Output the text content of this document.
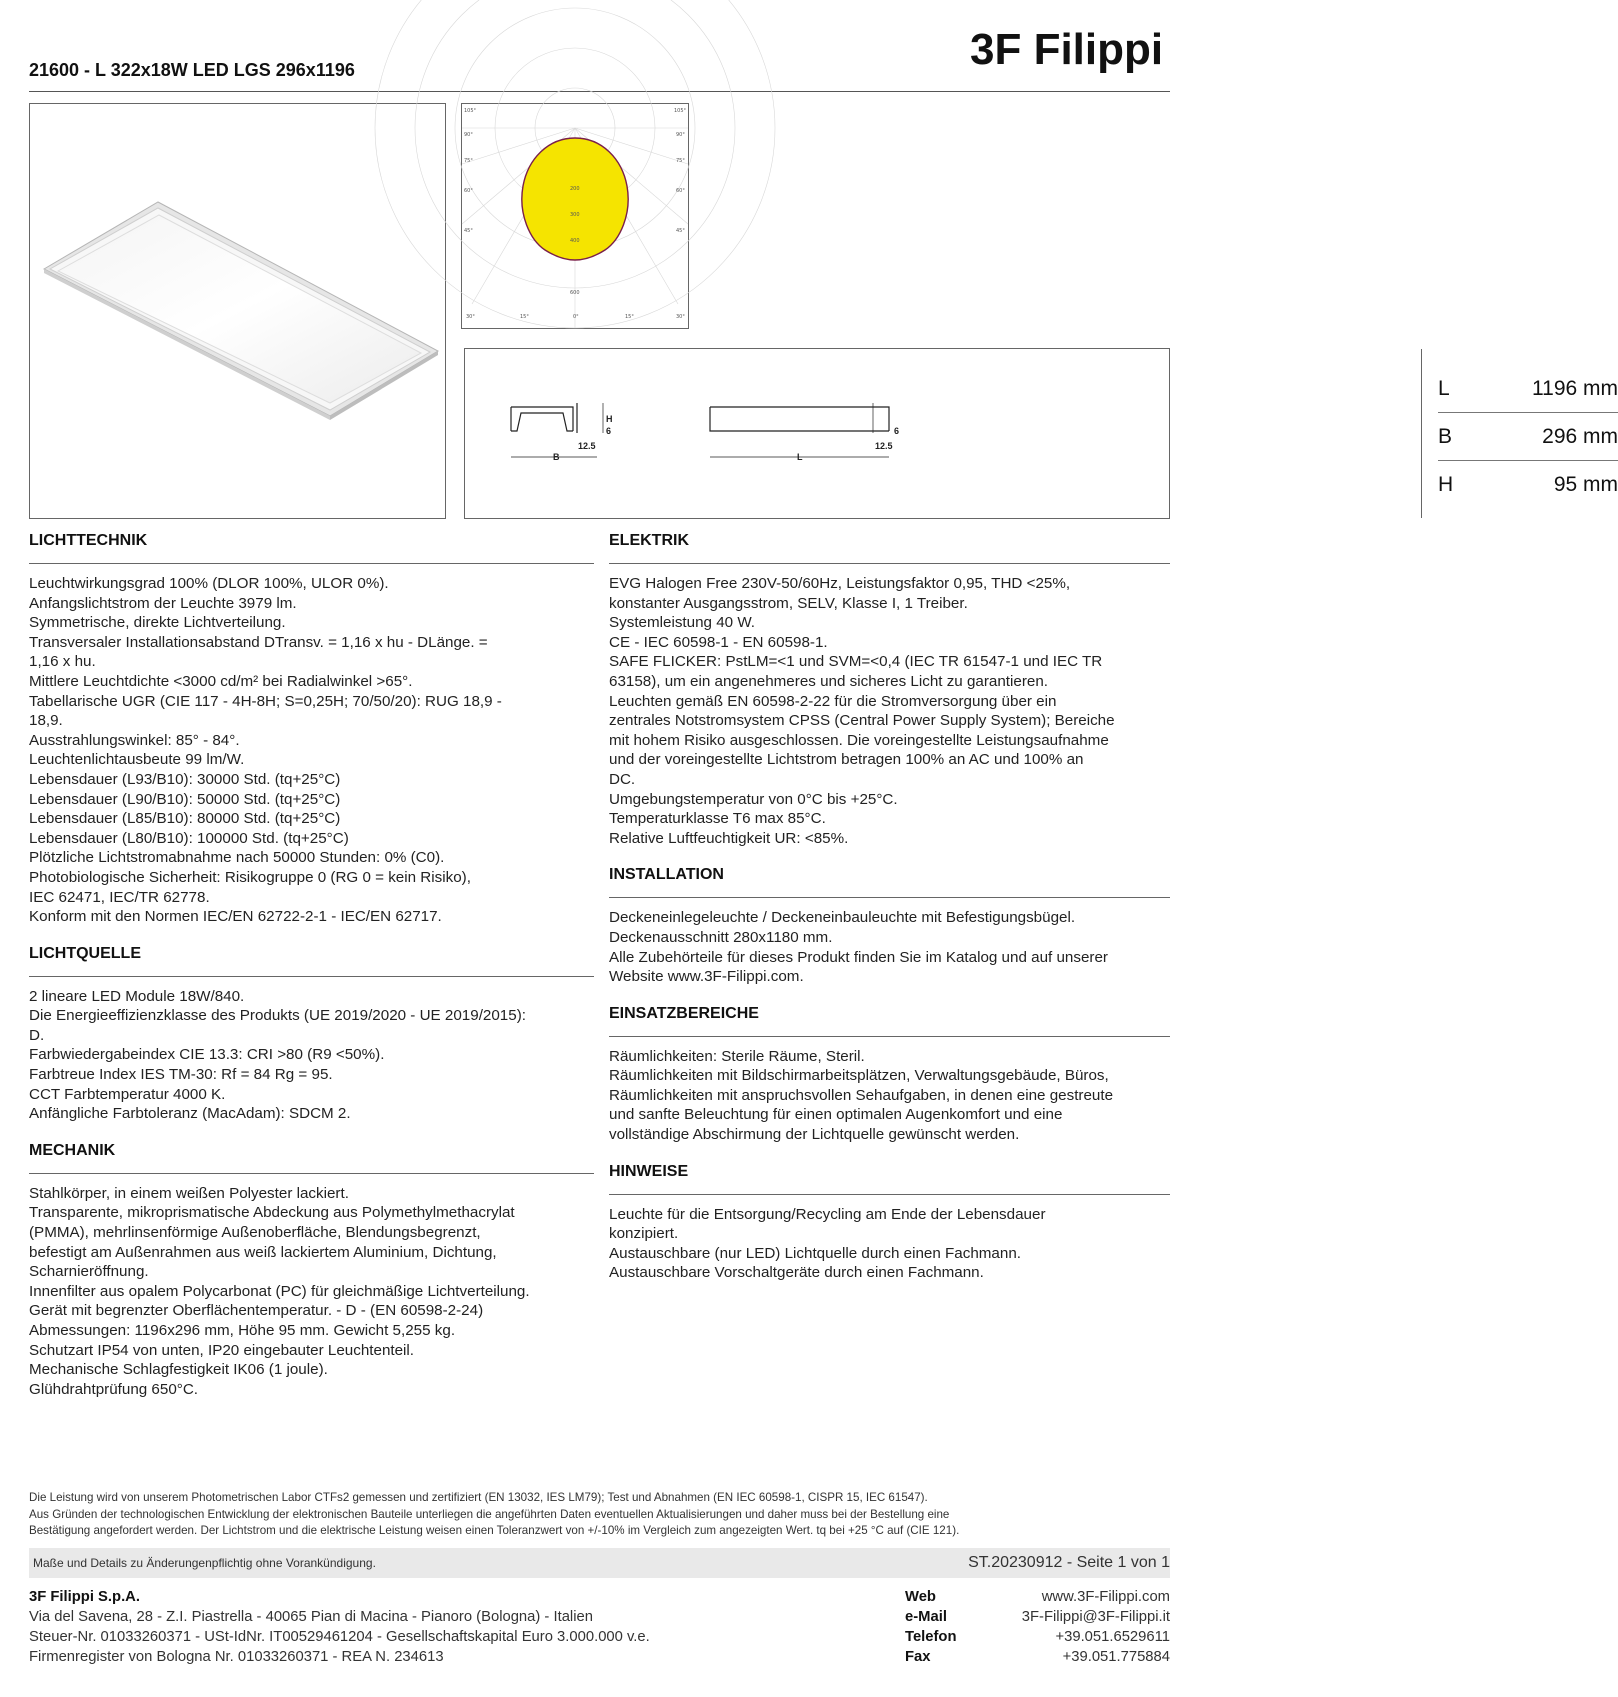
21600 - L 322x18W LED LGS 296x1196	3F Filippi
105°
90°
75°
60°
45°
105°
90°
75°
60°
45°
30°	15°	0°	15°	30°
200
300
400
600
H
6
12.5
B
6
12.5
L
L	1196 mm
B	296 mm
H	95 mm
LICHTTECHNIK

Leuchtwirkungsgrad 100% (DLOR 100%, ULOR 0%).

Anfangslichtstrom der Leuchte 3979 lm.

Symmetrische, direkte Lichtverteilung.

Transversaler Installationsabstand DTransv. = 1,16 x hu - DLänge. =

1,16 x hu.

Mittlere Leuchtdichte <3000 cd/m² bei Radialwinkel >65°.

Tabellarische UGR (CIE 117 - 4H-8H; S=0,25H; 70/50/20): RUG 18,9 -

18,9.

Ausstrahlungswinkel: 85° - 84°.

Leuchtenlichtausbeute 99 lm/W.

Lebensdauer (L93/B10): 30000 Std. (tq+25°C)

Lebensdauer (L90/B10): 50000 Std. (tq+25°C)

Lebensdauer (L85/B10): 80000 Std. (tq+25°C)

Lebensdauer (L80/B10): 100000 Std. (tq+25°C)

Plötzliche Lichtstromabnahme nach 50000 Stunden: 0% (C0).

Photobiologische Sicherheit: Risikogruppe 0 (RG 0 = kein Risiko),

IEC 62471, IEC/TR 62778.

Konform mit den Normen IEC/EN 62722-2-1 - IEC/EN 62717.

LICHTQUELLE

2 lineare LED Module 18W/840.

Die Energieeffizienzklasse des Produkts (UE 2019/2020 - UE 2019/2015):

D.

Farbwiedergabeindex CIE 13.3: CRI >80 (R9 <50%).

Farbtreue Index IES TM-30: Rf = 84 Rg = 95.

CCT Farbtemperatur 4000 K.

Anfängliche Farbtoleranz (MacAdam): SDCM 2.

MECHANIK

Stahlkörper, in einem weißen Polyester lackiert.

Transparente, mikroprismatische Abdeckung aus Polymethylmethacrylat

(PMMA), mehrlinsenförmige Außenoberfläche, Blendungsbegrenzt,

befestigt am Außenrahmen aus weiß lackiertem Aluminium, Dichtung,

Scharnieröffnung.

Innenfilter aus opalem Polycarbonat (PC) für gleichmäßige Lichtverteilung.

Gerät mit begrenzter Oberflächentemperatur. - D - (EN 60598-2-24)

Abmessungen: 1196x296 mm, Höhe 95 mm. Gewicht 5,255 kg.

Schutzart IP54 von unten, IP20 eingebauter Leuchtenteil.

Mechanische Schlagfestigkeit IK06 (1 joule).

Glühdrahtprüfung 650°C.

ELEKTRIK

EVG Halogen Free 230V-50/60Hz, Leistungsfaktor 0,95, THD <25%,

konstanter Ausgangsstrom, SELV, Klasse I, 1 Treiber.

Systemleistung 40 W.

CE - IEC 60598-1 - EN 60598-1.

SAFE FLICKER: PstLM=<1 und SVM=<0,4 (IEC TR 61547-1 und IEC TR

63158), um ein angenehmeres und sicheres Licht zu garantieren.

Leuchten gemäß EN 60598-2-22 für die Stromversorgung über ein

zentrales Notstromsystem CPSS (Central Power Supply System); Bereiche

mit hohem Risiko ausgeschlossen. Die voreingestellte Leistungsaufnahme

und der voreingestellte Lichtstrom betragen 100% an AC und 100% an

DC.

Umgebungstemperatur von 0°C bis +25°C.

Temperaturklasse T6 max 85°C.

Relative Luftfeuchtigkeit UR: <85%.

INSTALLATION

Deckeneinlegeleuchte / Deckeneinbauleuchte mit Befestigungsbügel.

Deckenausschnitt 280x1180 mm.

Alle Zubehörteile für dieses Produkt finden Sie im Katalog und auf unserer

Website www.3F-Filippi.com.

EINSATZBEREICHE

Räumlichkeiten: Sterile Räume, Steril.

Räumlichkeiten mit Bildschirmarbeitsplätzen, Verwaltungsgebäude, Büros,

Räumlichkeiten mit anspruchsvollen Sehaufgaben, in denen eine gestreute

und sanfte Beleuchtung für einen optimalen Augenkomfort und eine

vollständige Abschirmung der Lichtquelle gewünscht werden.

HINWEISE

Leuchte für die Entsorgung/Recycling am Ende der Lebensdauer

konzipiert.

Austauschbare (nur LED) Lichtquelle durch einen Fachmann.

Austauschbare Vorschaltgeräte durch einen Fachmann.

Die Leistung wird von unserem Photometrischen Labor CTFs2 gemessen und zertifiziert (EN 13032, IES LM79); Test und Abnahmen (EN IEC 60598-1, CISPR 15, IEC 61547).
Aus Gründen der technologischen Entwicklung der elektronischen Bauteile unterliegen die angeführten Daten eventuellen Aktualisierungen und daher muss bei der Bestellung eine
Bestätigung angefordert werden. Der Lichtstrom und die elektrische Leistung weisen einen Toleranzwert von +/-10% im Vergleich zum angezeigten Wert. tq bei +25 °C auf (CIE 121).
Maße und Details zu Änderungenpflichtig ohne Vorankündigung.	ST.20230912 - Seite 1 von 1
3F Filippi S.p.A.
Via del Savena, 28 - Z.I. Piastrella - 40065 Pian di Macina - Pianoro (Bologna) - Italien
Steuer-Nr. 01033260371 - USt-IdNr. IT00529461204 - Gesellschaftskapital Euro 3.000.000 v.e.
Firmenregister von Bologna Nr. 01033260371 - REA N. 234613
Web	www.3F-Filippi.com
e-Mail	3F-Filippi@3F-Filippi.it
Telefon	+39.051.6529611
Fax	+39.051.775884
